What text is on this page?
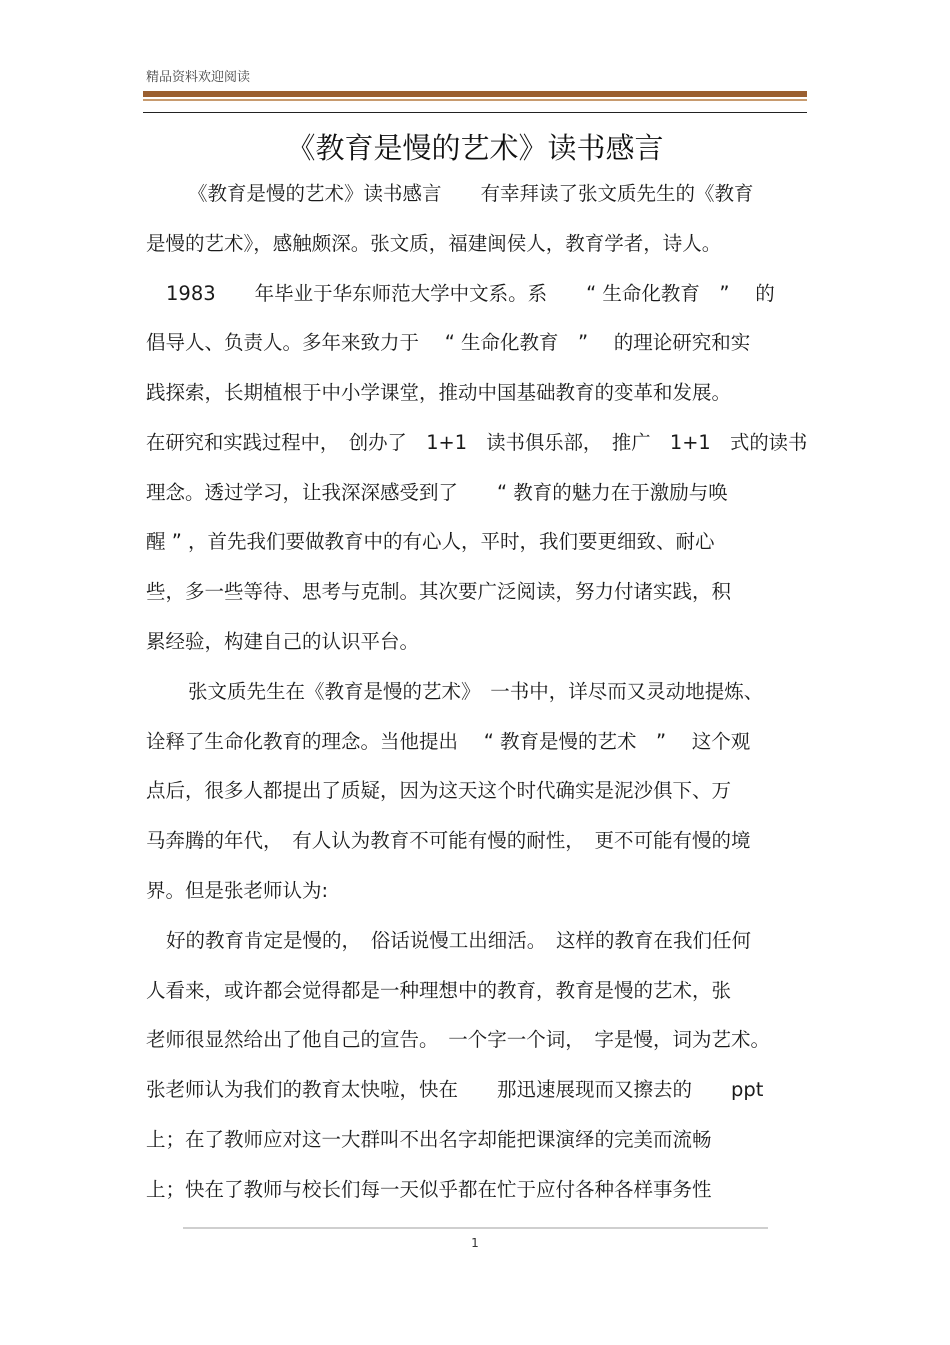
精品资料欢迎阅读
《教育是慢的艺术》读书感言
《教育是慢的艺术》读书感言　　有幸拜读了张文质先生的《教育
是慢的艺术》，感触颇深。张文质，福建闽侯人，教育学者，诗人。
1983　　年毕业于华东师范大学中文系。系　　“ 生命化教育　” 　的
倡导人、负责人。多年来致力于　 “ 生命化教育　” 　的理论研究和实
践探索，长期植根于中小学课堂，推动中国基础教育的变革和发展。
在研究和实践过程中，　创办了　1+1　读书俱乐部，　推广　1+1　式的读书
理念。透过学习，让我深深感受到了　　“ 教育的魅力在于激励与唤
醒 ” ，首先我们要做教育中的有心人，平时，我们要更细致、耐心
些，多一些等待、思考与克制。其次要广泛阅读，努力付诸实践，积
累经验，构建自己的认识平台。
张文质先生在《教育是慢的艺术》　一书中，详尽而又灵动地提炼、
诠释了生命化教育的理念。当他提出　 “ 教育是慢的艺术　” 　这个观
点后，很多人都提出了质疑，因为这天这个时代确实是泥沙俱下、万
马奔腾的年代，　有人认为教育不可能有慢的耐性，　更不可能有慢的境
界。但是张老师认为:
好的教育肯定是慢的，　俗话说慢工出细活。　这样的教育在我们任何
人看来，或许都会觉得都是一种理想中的教育，教育是慢的艺术，张
老师很显然给出了他自己的宣告。　一个字一个词，　字是慢，词为艺术。
张老师认为我们的教育太快啦，快在　　那迅速展现而又擦去的　　ppt
上；在了教师应对这一大群叫不出名字却能把课演绎的完美而流畅
上；快在了教师与校长们每一天似乎都在忙于应付各种各样事务性
1
